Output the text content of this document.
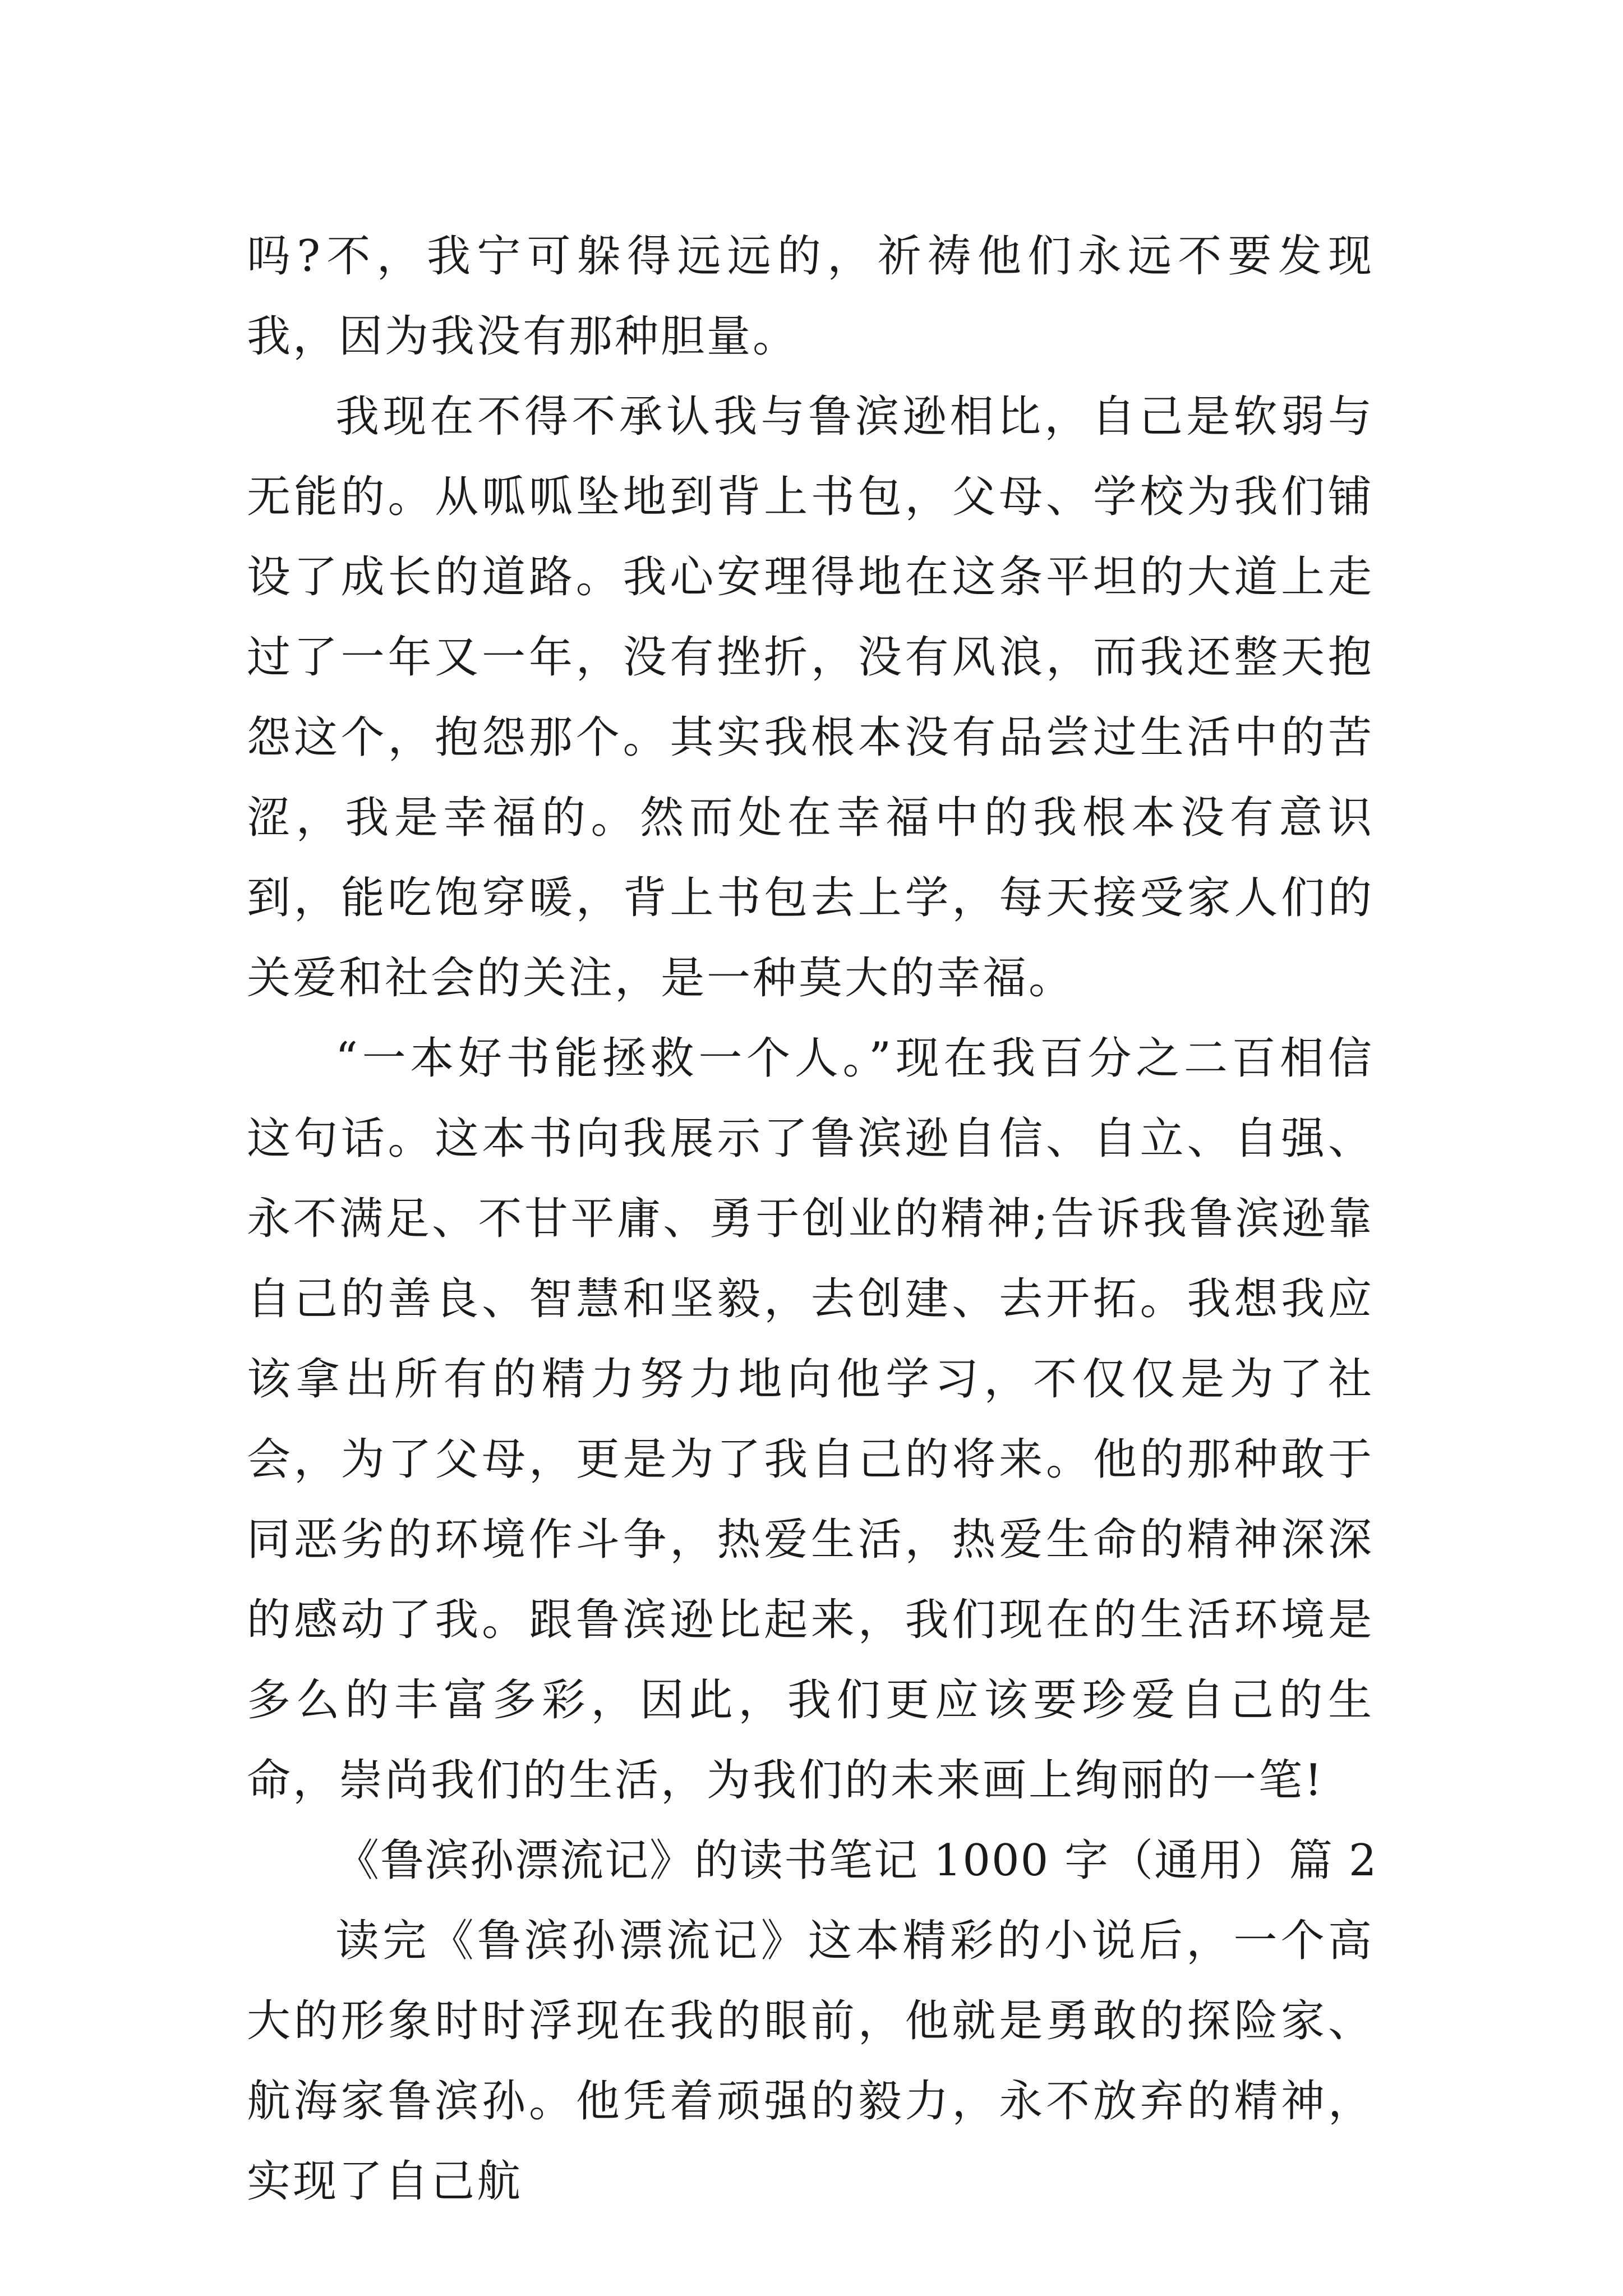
吗?不，我宁可躲得远远的，祈祷他们永远不要发现我，因为我没有那种胆量。

我现在不得不承认我与鲁滨逊相比，自己是软弱与无能的。从呱呱坠地到背上书包，父母、学校为我们铺设了成长的道路。我心安理得地在这条平坦的大道上走过了一年又一年，没有挫折，没有风浪，而我还整天抱怨这个，抱怨那个。其实我根本没有品尝过生活中的苦涩，我是幸福的。然而处在幸福中的我根本没有意识到，能吃饱穿暖，背上书包去上学，每天接受家人们的关爱和社会的关注，是一种莫大的幸福。

“一本好书能拯救一个人。”现在我百分之二百相信这句话。这本书向我展示了鲁滨逊自信、自立、自强、永不满足、不甘平庸、勇于创业的精神;告诉我鲁滨逊靠自己的善良、智慧和坚毅，去创建、去开拓。我想我应该拿出所有的精力努力地向他学习，不仅仅是为了社会，为了父母，更是为了我自己的将来。他的那种敢于同恶劣的环境作斗争，热爱生活，热爱生命的精神深深的感动了我。跟鲁滨逊比起来，我们现在的生活环境是多么的丰富多彩，因此，我们更应该要珍爱自己的生命，崇尚我们的生活，为我们的未来画上绚丽的一笔!

《鲁滨孙漂流记》的读书笔记 1000 字（通用）篇 2

读完《鲁滨孙漂流记》这本精彩的小说后，一个高大的形象时时浮现在我的眼前，他就是勇敢的探险家、航海家鲁滨孙。他凭着顽强的毅力，永不放弃的精神，实现了自己航
